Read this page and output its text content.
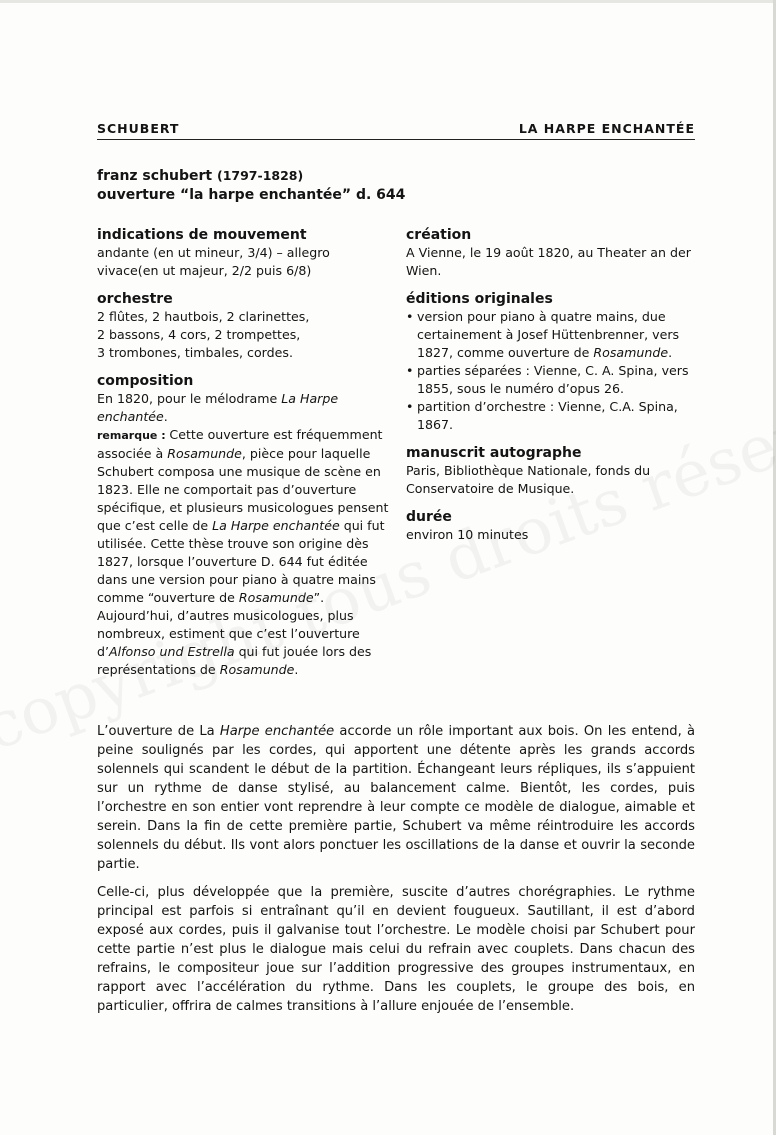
SCHUBERT	LA HARPE ENCHANTÉE
franz schubert (1797-1828)
ouverture “la harpe enchantée” d. 644
indications de mouvement
andante (en ut mineur, 3/4) – allegro
vivace(en ut majeur, 2/2 puis 6/8)
orchestre
2 flûtes, 2 hautbois, 2 clarinettes,
2 bassons, 4 cors, 2 trompettes,
3 trombones, timbales, cordes.
composition
En 1820, pour le mélodrame La Harpe enchantée.
remarque : Cette ouverture est fréquemment associée à Rosamunde, pièce pour laquelle Schubert composa une musique de scène en 1823. Elle ne comportait pas d’ouverture spécifique, et plusieurs musicologues pensent que c’est celle de La Harpe enchantée qui fut utilisée. Cette thèse trouve son origine dès 1827, lorsque l’ouverture D. 644 fut éditée dans une version pour piano à quatre mains comme “ouverture de Rosamunde”. Aujourd’hui, d’autres musicologues, plus nombreux, estiment que c’est l’ouverture d’Alfonso und Estrella qui fut jouée lors des représentations de Rosamunde.
création
A Vienne, le 19 août 1820, au Theater an der Wien.
éditions originales
• version pour piano à quatre mains, due certainement à Josef Hüttenbrenner, vers 1827, comme ouverture de Rosamunde.
• parties séparées : Vienne, C. A. Spina, vers 1855, sous le numéro d’opus 26.
• partition d’orchestre : Vienne, C.A. Spina, 1867.
manuscrit autographe
Paris, Bibliothèque Nationale, fonds du Conservatoire de Musique.
durée
environ 10 minutes

L’ouverture de La Harpe enchantée accorde un rôle important aux bois. On les entend, à peine soulignés par les cordes, qui apportent une détente après les grands accords solennels qui scandent le début de la partition. Échangeant leurs répliques, ils s’appuient sur un rythme de danse stylisé, au balancement calme. Bientôt, les cordes, puis l’orchestre en son entier vont reprendre à leur compte ce modèle de dialogue, aimable et serein. Dans la fin de cette première partie, Schubert va même réintroduire les accords solennels du début. Ils vont alors ponctuer les oscillations de la danse et ouvrir la seconde partie.

Celle-ci, plus développée que la première, suscite d’autres chorégraphies. Le rythme principal est parfois si entraînant qu’il en devient fougueux. Sautillant, il est d’abord exposé aux cordes, puis il galvanise tout l’orchestre. Le modèle choisi par Schubert pour cette partie n’est plus le dialogue mais celui du refrain avec couplets. Dans chacun des refrains, le compositeur joue sur l’addition progressive des groupes instrumentaux, en rapport avec l’accélération du rythme. Dans les couplets, le groupe des bois, en particulier, offrira de calmes transitions à l’allure enjouée de l’ensemble.
